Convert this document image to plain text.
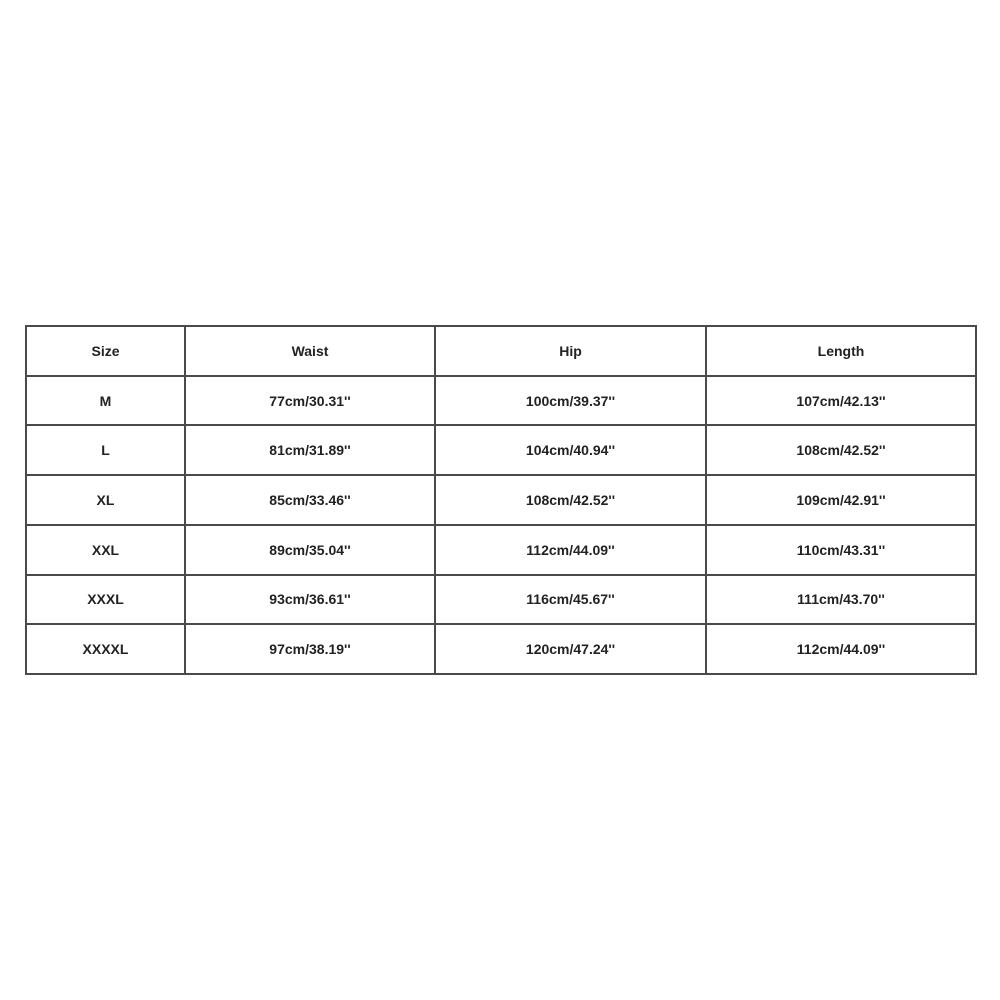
Size	Waist	Hip	Length
M	77cm/30.31''	100cm/39.37''	107cm/42.13''
L	81cm/31.89''	104cm/40.94''	108cm/42.52''
XL	85cm/33.46''	108cm/42.52''	109cm/42.91''
XXL	89cm/35.04''	112cm/44.09''	110cm/43.31''
XXXL	93cm/36.61''	116cm/45.67''	111cm/43.70''
XXXXL	97cm/38.19''	120cm/47.24''	112cm/44.09''
